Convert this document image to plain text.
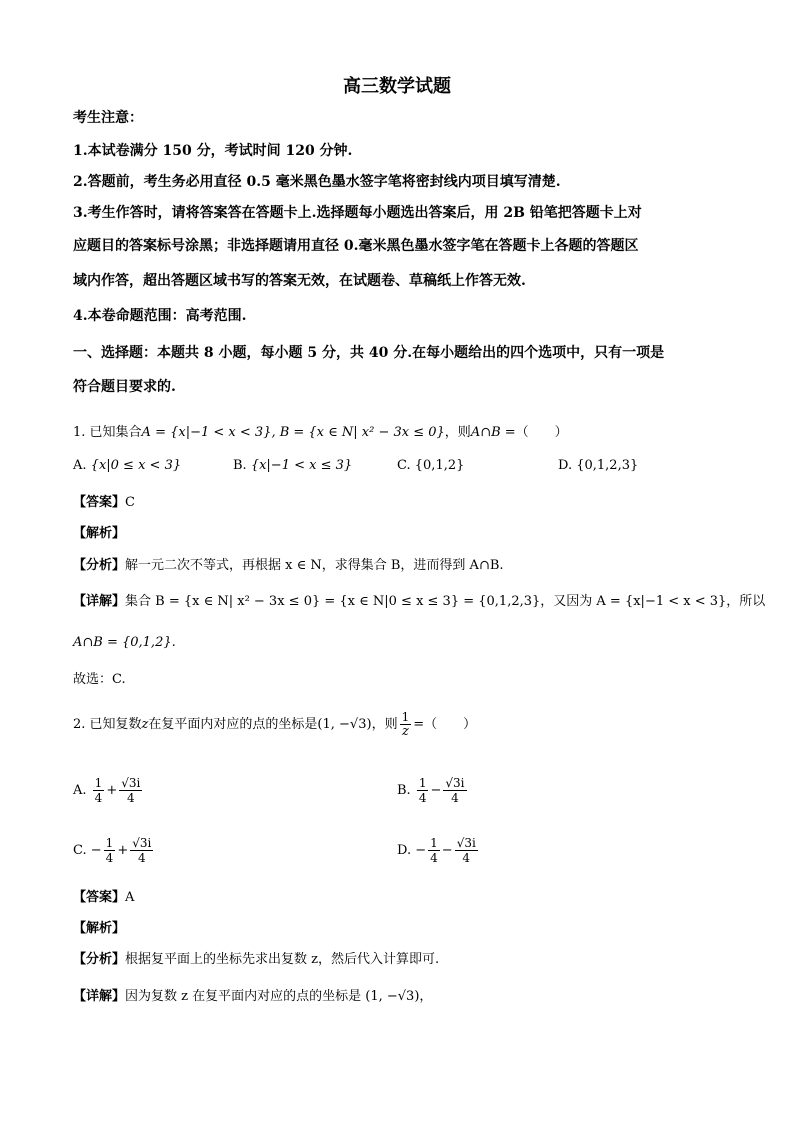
高三数学试题
考生注意：
1.本试卷满分 150 分，考试时间 120 分钟.
2.答题前，考生务必用直径 0.5 毫米黑色墨水签字笔将密封线内项目填写清楚.
3.考生作答时，请将答案答在答题卡上.选择题每小题选出答案后，用 2B 铅笔把答题卡上对
应题目的答案标号涂黑；非选择题请用直径 0.毫米黑色墨水签字笔在答题卡上各题的答题区
域内作答，超出答题区域书写的答案无效，在试题卷、草稿纸上作答无效.
4.本卷命题范围：高考范围.
一、选择题：本题共 8 小题，每小题 5 分，共 40 分.在每小题给出的四个选项中，只有一项是
符合题目要求的.
1. 已知集合A = {x|−1 < x < 3}, B = {x ∈ N| x² − 3x ≤ 0}，则A∩B =（　　）
A. {x|0 ≤ x < 3}	B. {x|−1 < x ≤ 3}	C. {0,1,2}	D. {0,1,2,3}
【答案】C
【解析】
【分析】解一元二次不等式，再根据 x ∈ N，求得集合 B，进而得到 A∩B.
【详解】集合 B = {x ∈ N| x² − 3x ≤ 0} = {x ∈ N|0 ≤ x ≤ 3} = {0,1,2,3}，又因为 A = {x|−1 < x < 3}，所以
A∩B = {0,1,2}.
故选：C.
2. 已知复数z在复平面内对应的点的坐标是(1, −√3)，则 $\frac{1}{z}$ =（　　）
A. $\frac{1}{4} + \frac{√3i}{4}$	B. $\frac{1}{4} - \frac{√3i}{4}$
C. − $\frac{1}{4} + \frac{√3i}{4}$	D. − $\frac{1}{4} - \frac{√3i}{4}$
【答案】A
【解析】
【分析】根据复平面上的坐标先求出复数 z，然后代入计算即可.
【详解】因为复数 z 在复平面内对应的点的坐标是 (1, −√3)，
